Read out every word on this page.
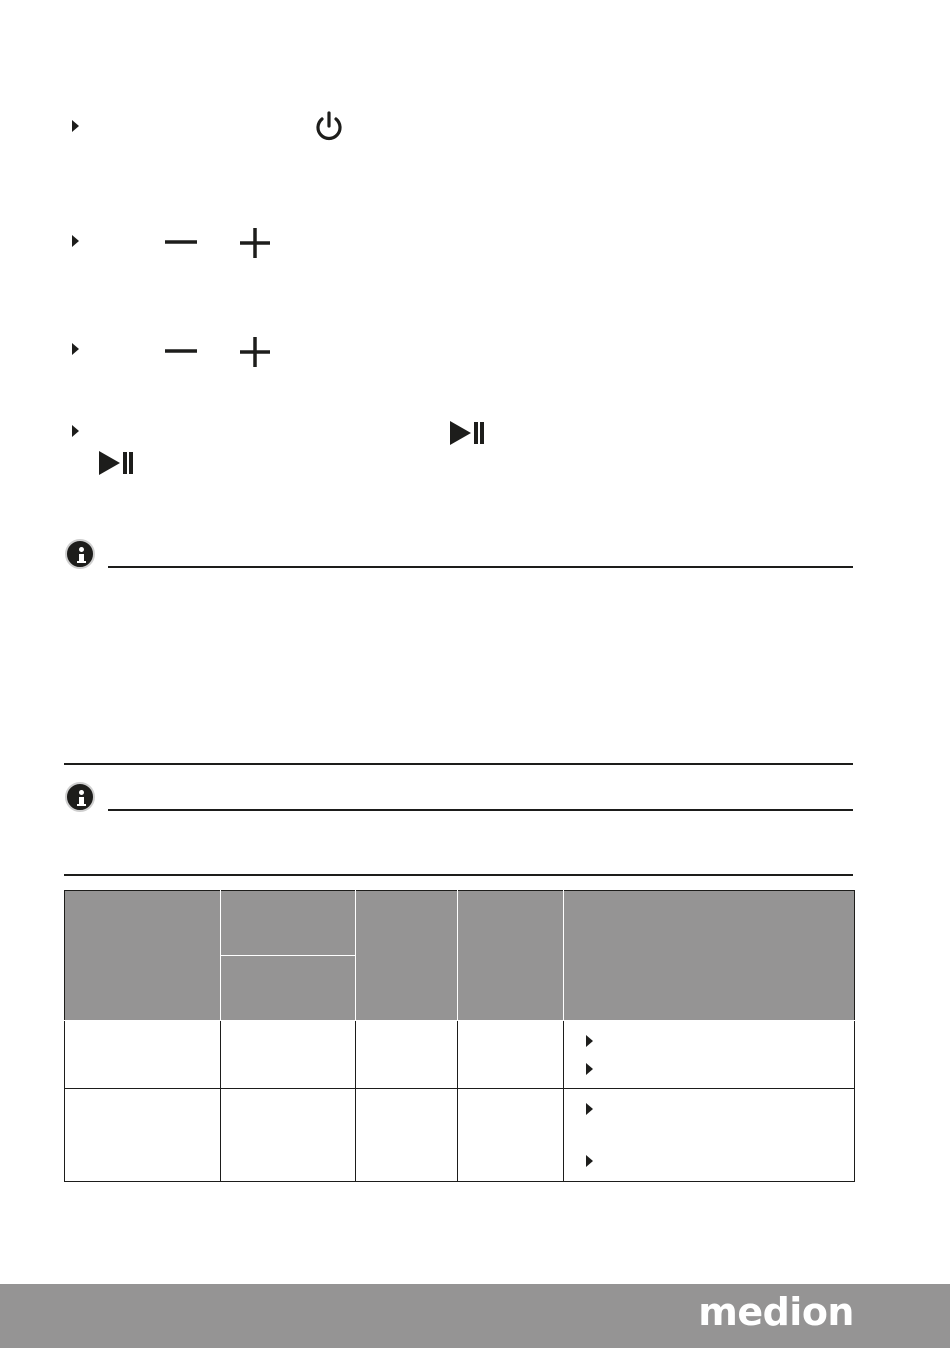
medion
